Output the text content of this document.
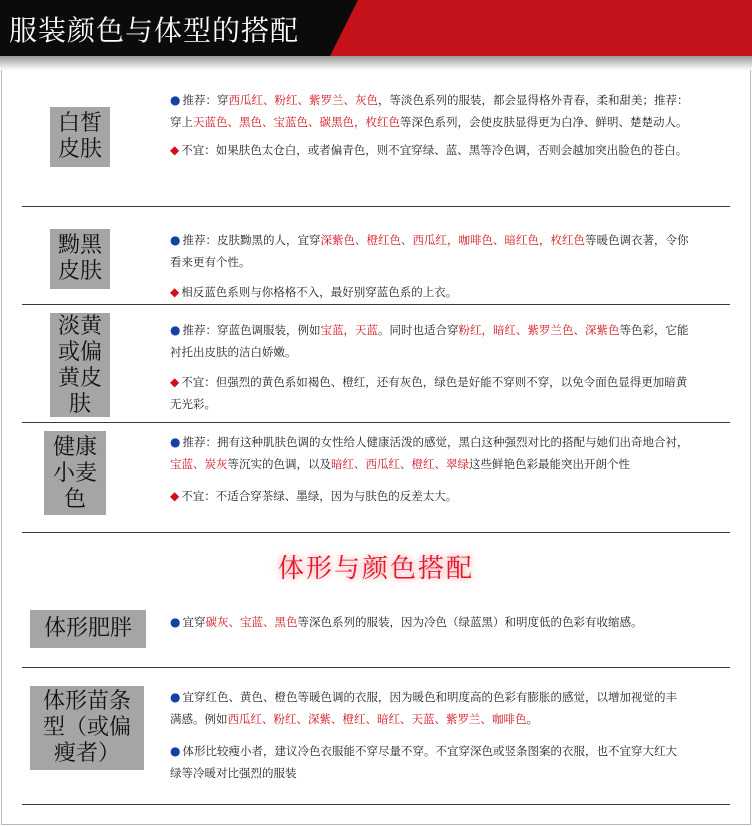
服装颜色与体型的搭配
白皙
皮肤
● 推荐：穿西瓜红、粉红、紫罗兰、灰色，等淡色系列的服装，都会显得格外青春，柔和甜美；推荐：穿上天蓝色、黑色、宝蓝色、碳黑色，枚红色等深色系列，会使皮肤显得更为白净、鲜明、楚楚动人。
◆ 不宜：如果肤色太仓白，或者偏青色，则不宜穿绿、蓝、黑等冷色调，否则会越加突出脸色的苍白。
黝黑
皮肤
● 推荐：皮肤黝黑的人，宜穿深紫色、橙红色、西瓜红，咖啡色、暗红色，枚红色等暖色调衣著，令你看来更有个性。
◆ 相反蓝色系则与你格格不入，最好别穿蓝色系的上衣。
淡黄
或偏
黄皮
肤
● 推荐：穿蓝色调服装，例如宝蓝，天蓝。同时也适合穿粉红，暗红、紫罗兰色、深紫色等色彩，它能衬托出皮肤的洁白娇嫩。
◆ 不宜：但强烈的黄色系如褐色、橙红，还有灰色，绿色是好能不穿则不穿，以免令面色显得更加暗黄无光彩。
健康
小麦
色
● 推荐：拥有这种肌肤色调的女性给人健康活泼的感觉，黑白这种强烈对比的搭配与她们出奇地合衬，宝蓝、炭灰等沉实的色调，以及暗红、西瓜红、橙红、翠绿这些鲜艳色彩最能突出开朗个性
◆ 不宜：不适合穿茶绿、墨绿，因为与肤色的反差太大。
体形与颜色搭配
体形肥胖	● 宜穿碳灰、宝蓝、黑色等深色系列的服装，因为冷色（绿蓝黑）和明度低的色彩有收缩感。
体形苗条
型（或偏
瘦者）
● 宜穿红色、黄色、橙色等暖色调的衣服，因为暖色和明度高的色彩有膨胀的感觉，以增加视觉的丰满感。例如西瓜红、粉红、深紫、橙红、暗红、天蓝、紫罗兰、咖啡色。
● 体形比较瘦小者，建议冷色衣服能不穿尽量不穿。不宜穿深色或竖条图案的衣服，也不宜穿大红大绿等冷暖对比强烈的服装
